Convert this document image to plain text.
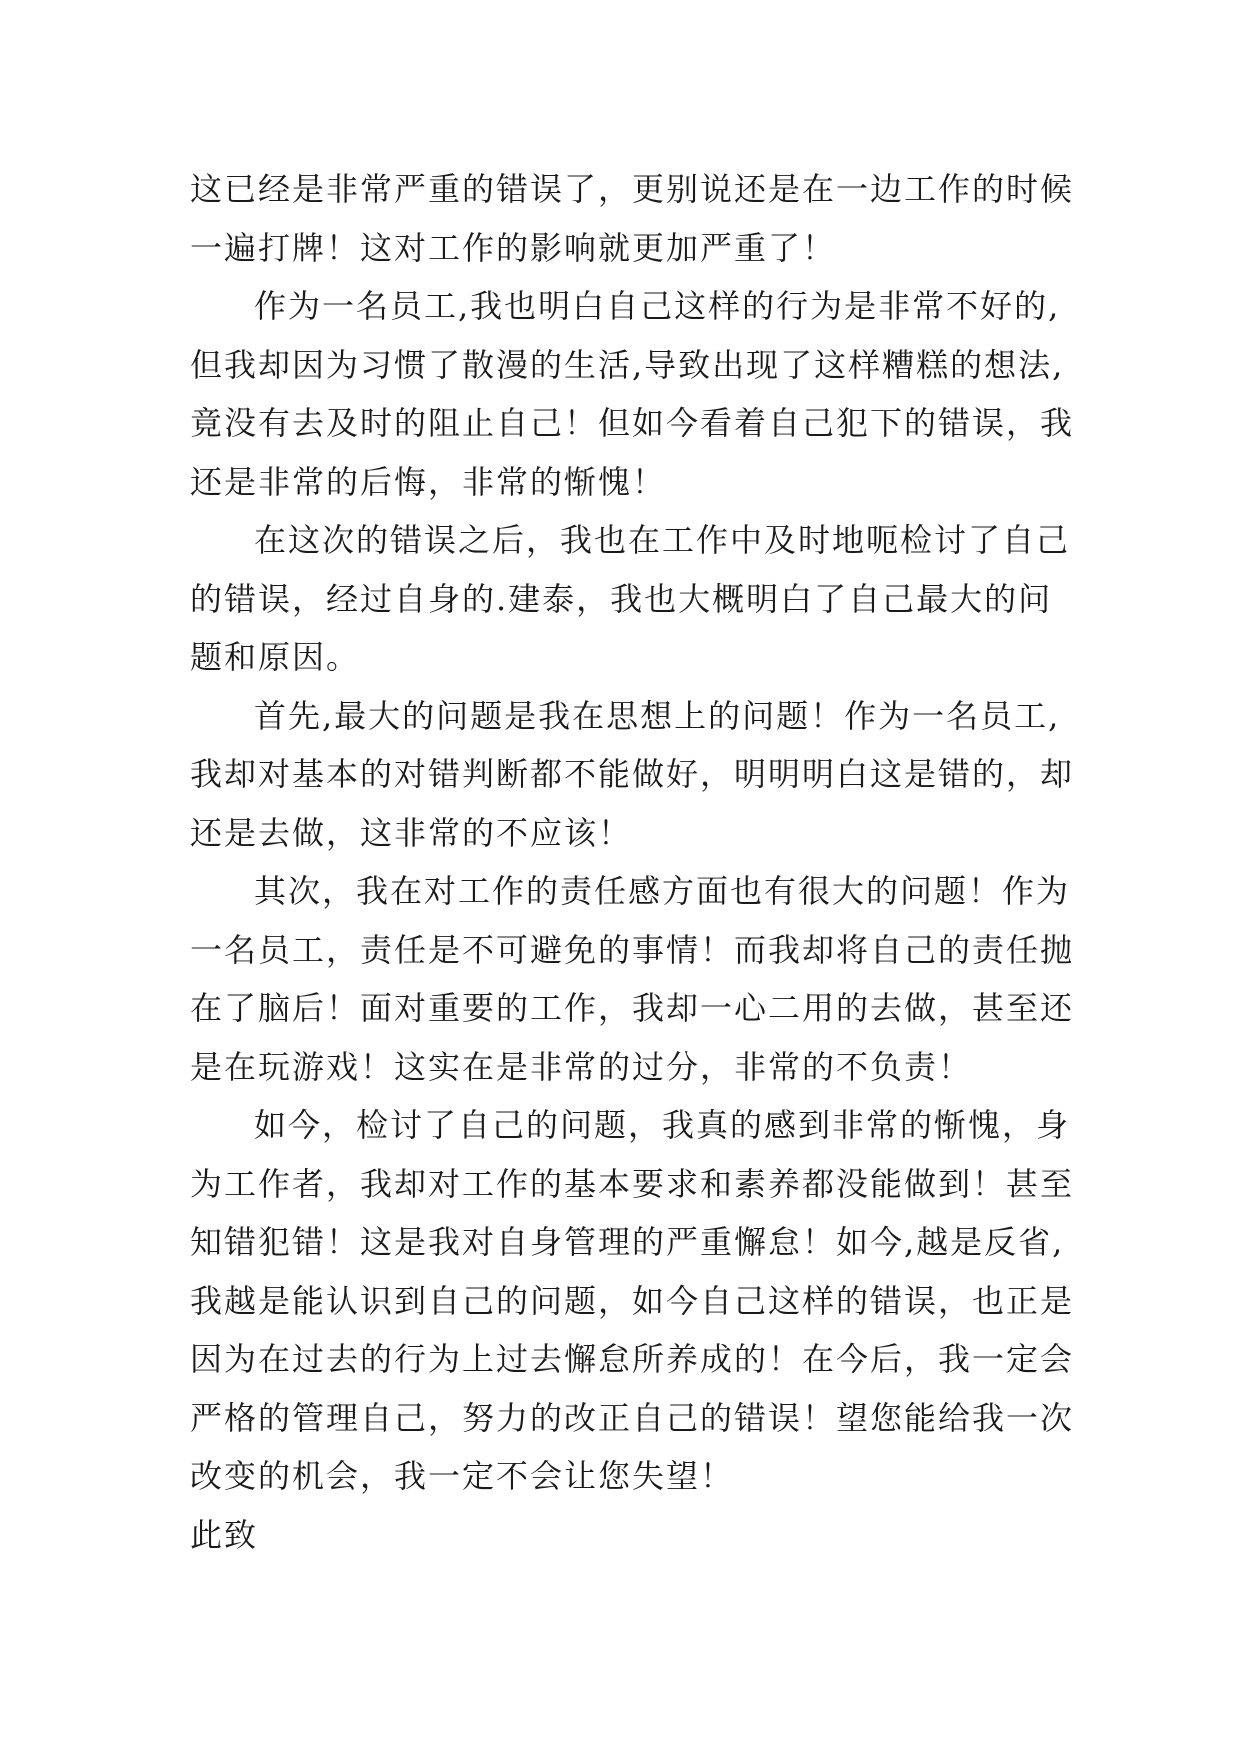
这已经是非常严重的错误了，更别说还是在一边工作的时候
一遍打牌！这对工作的影响就更加严重了！
作为一名员工,我也明白自己这样的行为是非常不好的,
但我却因为习惯了散漫的生活,导致出现了这样糟糕的想法,
竟没有去及时的阻止自己！但如今看着自己犯下的错误，我
还是非常的后悔，非常的惭愧！
在这次的错误之后，我也在工作中及时地呃检讨了自己
的错误，经过自身的.建泰，我也大概明白了自己最大的问
题和原因。
首先,最大的问题是我在思想上的问题！作为一名员工,
我却对基本的对错判断都不能做好，明明明白这是错的，却
还是去做，这非常的不应该！
其次，我在对工作的责任感方面也有很大的问题！作为
一名员工，责任是不可避免的事情！而我却将自己的责任抛
在了脑后！面对重要的工作，我却一心二用的去做，甚至还
是在玩游戏！这实在是非常的过分，非常的不负责！
如今，检讨了自己的问题，我真的感到非常的惭愧，身
为工作者，我却对工作的基本要求和素养都没能做到！甚至
知错犯错！这是我对自身管理的严重懈怠！如今,越是反省,
我越是能认识到自己的问题，如今自己这样的错误，也正是
因为在过去的行为上过去懈怠所养成的！在今后，我一定会
严格的管理自己，努力的改正自己的错误！望您能给我一次
改变的机会，我一定不会让您失望！
此致
